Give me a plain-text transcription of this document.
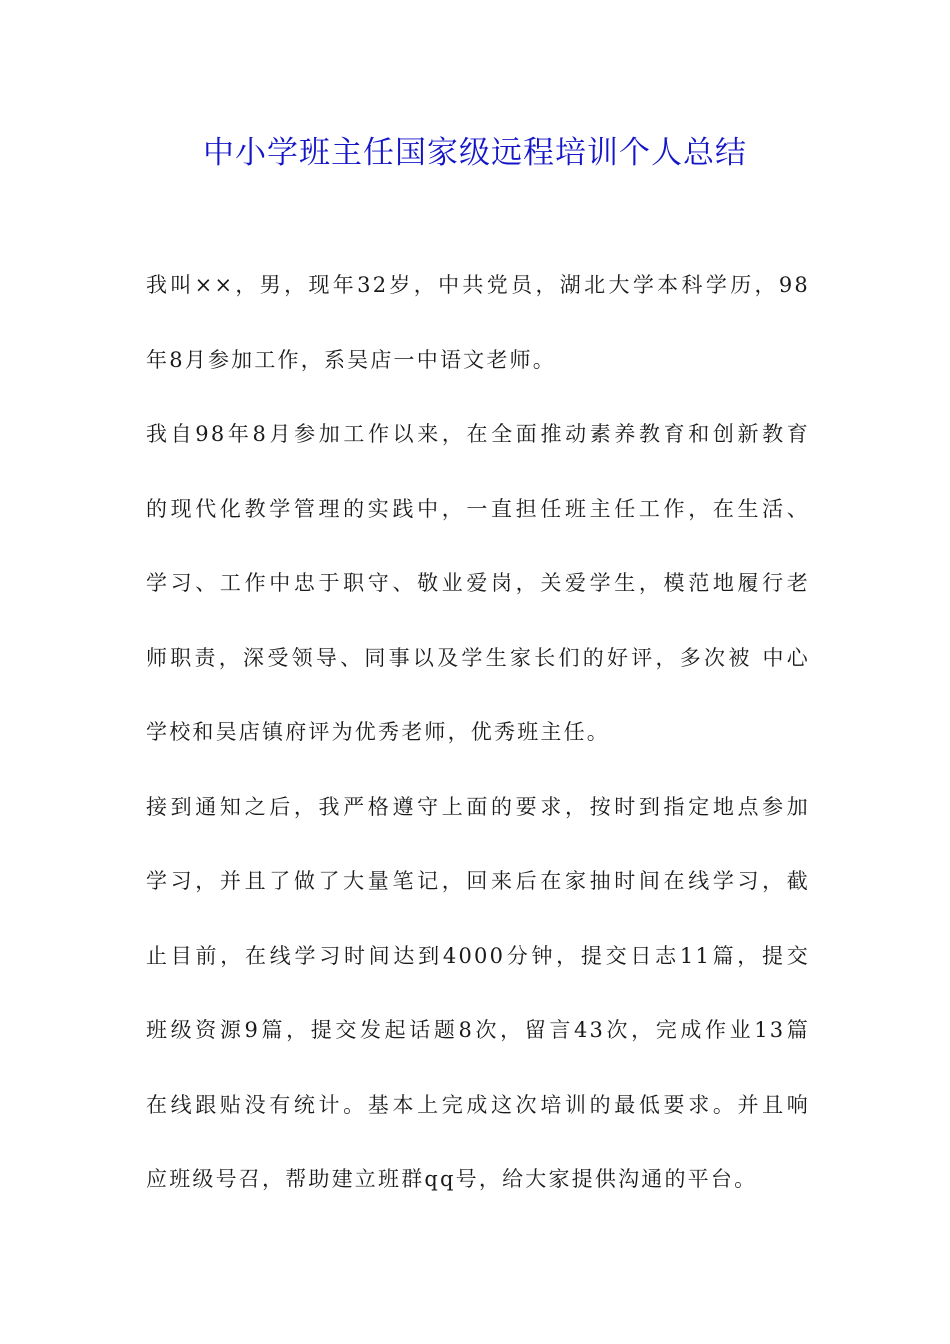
中小学班主任国家级远程培训个人总结
我叫××，男，现年32岁，中共党员，湖北大学本科学历，98
年8月参加工作，系吴店一中语文老师。
我自98年8月参加工作以来，在全面推动素养教育和创新教育
的现代化教学管理的实践中，一直担任班主任工作，在生活、
学习、工作中忠于职守、敬业爱岗，关爱学生，模范地履行老
师职责，深受领导、同事以及学生家长们的好评，多次被 中心
学校和吴店镇府评为优秀老师，优秀班主任。
接到通知之后，我严格遵守上面的要求，按时到指定地点参加
学习，并且了做了大量笔记，回来后在家抽时间在线学习，截
止目前，在线学习时间达到4000分钟，提交日志11篇，提交
班级资源9篇，提交发起话题8次，留言43次，完成作业13篇
在线跟贴没有统计。基本上完成这次培训的最低要求。并且响
应班级号召，帮助建立班群qq号，给大家提供沟通的平台。
